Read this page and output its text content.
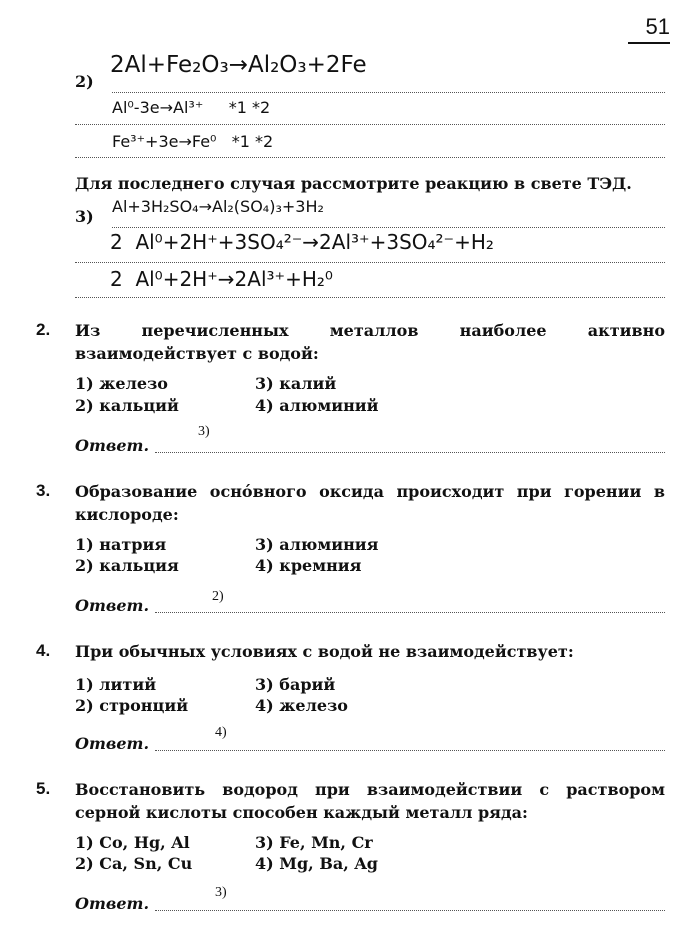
51
2)
2Al+Fe₂O₃→Al₂O₃+2Fe
Al⁰-3e→Al³⁺     *1 *2
Fe³⁺+3e→Fe⁰   *1 *2
Для последнего случая рассмотрите реакцию в свете ТЭД.
3)
Al+3H₂SO₄→Al₂(SO₄)₃+3H₂
2  Al⁰+2H⁺+3SO₄²⁻→2Al³⁺+3SO₄²⁻+H₂
2  Al⁰+2H⁺→2Al³⁺+H₂⁰
2. Из перечисленных металлов наиболее активно взаимодействует с водой:
1) железо	3) калий
2) кальций	4) алюминий
Ответ.
3)
3. Образование оснóвного оксида происходит при горении в кислороде:
1) натрия	3) алюминия
2) кальция	4) кремния
Ответ.	2)
4. При обычных условиях с водой не взаимодействует:
1) литий	3) барий
2) стронций	4) железо
Ответ.
4)
5. Восстановить водород при взаимодействии с раствором серной кислоты способен каждый металл ряда:
1) Co, Hg, Al	3) Fe, Mn, Cr
2) Ca, Sn, Cu	4) Mg, Ba, Ag
Ответ.
3)
